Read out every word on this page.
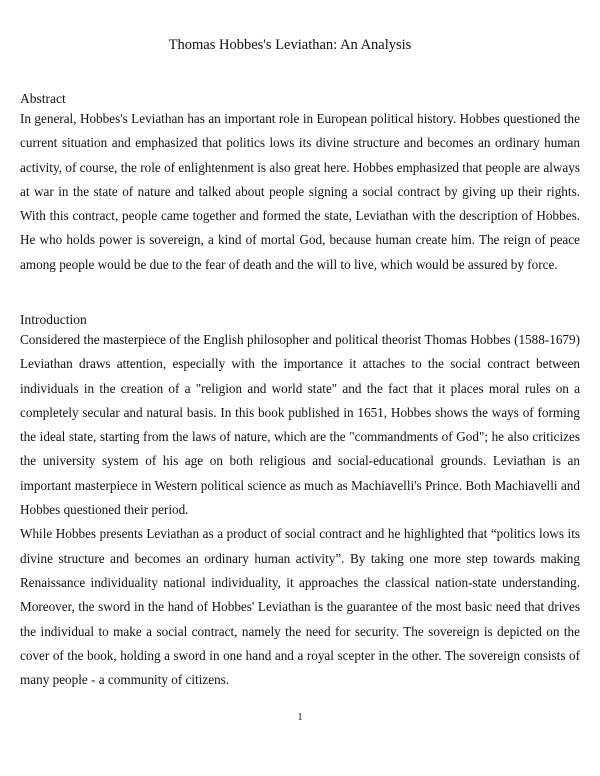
Thomas Hobbes's Leviathan: An Analysis
Abstract

In general, Hobbes's Leviathan has an important role in European political history. Hobbes questioned the current situation and emphasized that politics lows its divine structure and becomes an ordinary human activity, of course, the role of enlightenment is also great here. Hobbes emphasized that people are always at war in the state of nature and talked about people signing a social contract by giving up their rights. With this contract, people came together and formed the state, Leviathan with the description of Hobbes. He who holds power is sovereign, a kind of mortal God, because human create him. The reign of peace among people would be due to the fear of death and the will to live, which would be assured by force.

Introduction

Considered the masterpiece of the English philosopher and political theorist Thomas Hobbes (1588-1679) Leviathan draws attention, especially with the importance it attaches to the social contract between individuals in the creation of a "religion and world state" and the fact that it places moral rules on a completely secular and natural basis. In this book published in 1651, Hobbes shows the ways of forming the ideal state, starting from the laws of nature, which are the "commandments of God"; he also criticizes the university system of his age on both religious and social-educational grounds. Leviathan is an important masterpiece in Western political science as much as Machiavelli's Prince. Both Machiavelli and Hobbes questioned their period.

While Hobbes presents Leviathan as a product of social contract and he highlighted that “politics lows its divine structure and becomes an ordinary human activity”. By taking one more step towards making Renaissance individuality national individuality, it approaches the classical nation-state understanding. Moreover, the sword in the hand of Hobbes' Leviathan is the guarantee of the most basic need that drives the individual to make a social contract, namely the need for security. The sovereign is depicted on the cover of the book, holding a sword in one hand and a royal scepter in the other. The sovereign consists of many people - a community of citizens.

1
